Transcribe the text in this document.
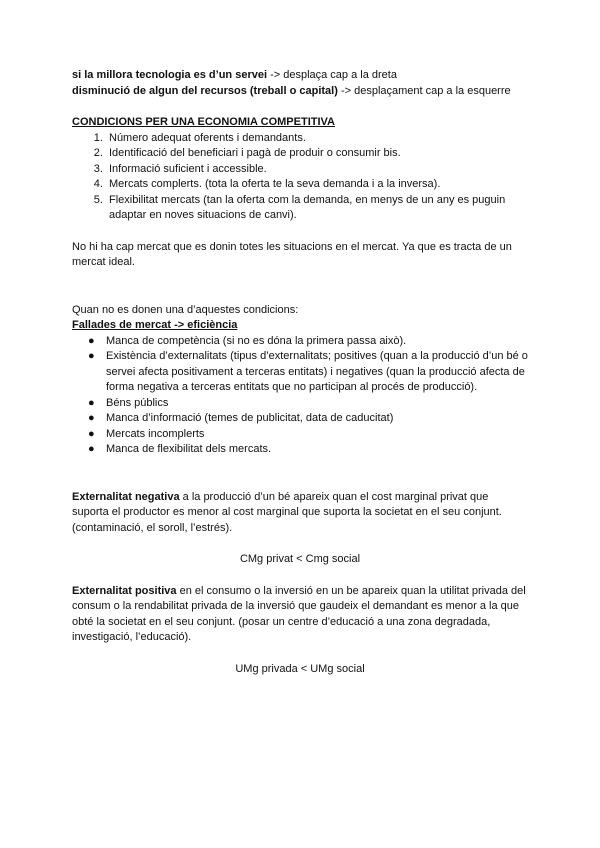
si la millora tecnologia es d’un servei -> desplaça cap a la dreta

disminució de algun del recursos (treball o capital) -> desplaçament cap a la esquerre

CONDICIONS PER UNA ECONOMIA COMPETITIVA

1. Número adequat oferents i demandants.
2. Identificació del beneficiari i pagà de produir o consumir bis.
3. Informació suficient i accessible.
4. Mercats complerts. (tota la oferta te la seva demanda i a la inversa).
5. Flexibilitat mercats (tan la oferta com la demanda, en menys de un any es puguin adaptar en noves situacions de canvi).

No hi ha cap mercat que es donin totes les situacions en el mercat. Ya que es tracta de un mercat ideal.

Quan no es donen una d’aquestes condicions:

Fallades de mercat -> eficiència

● Manca de competència (si no es dóna la primera passa això).
● Existència d’externalitats (tipus d’externalitats; positives (quan a la producció d’un bé o servei afecta positivament a terceras entitats) i negatives (quan la producció afecta de forma negativa a terceras entitats que no participan al procés de producció).
● Béns públics
● Manca d’informació (temes de publicitat, data de caducitat)
● Mercats incomplerts
● Manca de flexibilitat dels mercats.

Externalitat negativa a la producció d’un bé apareix quan el cost marginal privat que suporta el productor es menor al cost marginal que suporta la societat en el seu conjunt. (contaminació, el soroll, l’estrés).

CMg privat < Cmg social

Externalitat positiva en el consumo o la inversió en un be apareix quan la utilitat privada del consum o la rendabilitat privada de la inversió que gaudeix el demandant es menor a la que obté la societat en el seu conjunt. (posar un centre d’educació a una zona degradada, investigació, l’educació).

UMg privada < UMg social
